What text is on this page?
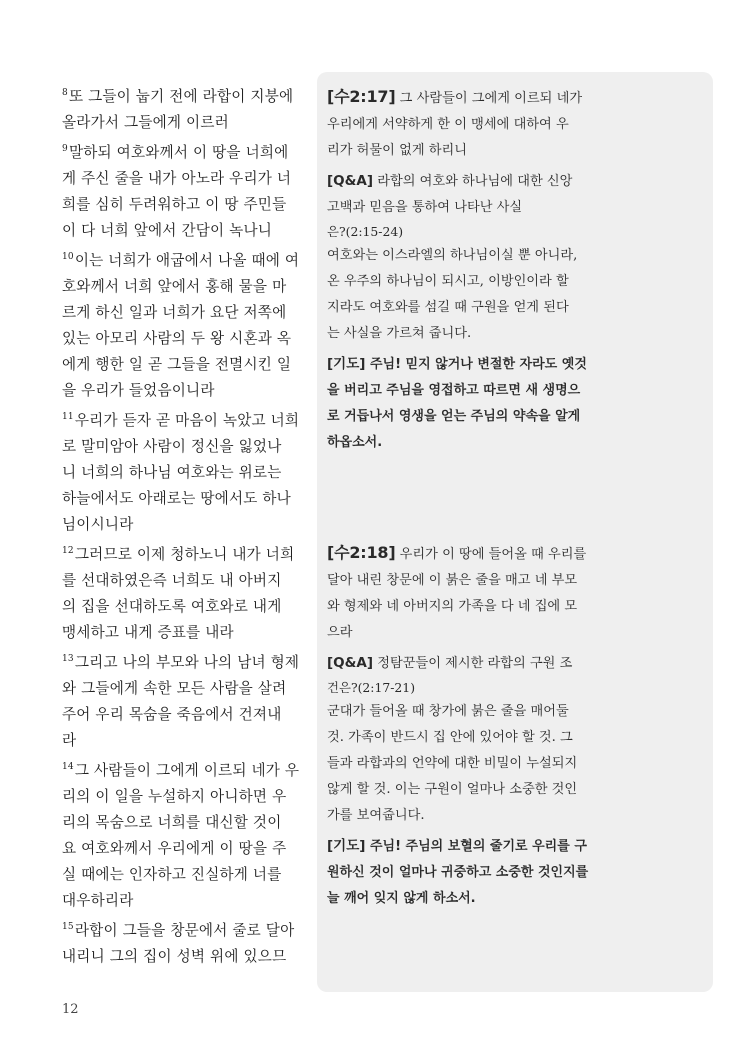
$^8$또 그들이 눕기 전에 라합이 지붕에
올라가서 그들에게 이르러
$^9$말하되 여호와께서 이 땅을 너희에
게 주신 줄을 내가 아노라 우리가 너
희를 심히 두려워하고 이 땅 주민들
이 다 너희 앞에서 간담이 녹나니
$^{10}$이는 너희가 애굽에서 나올 때에 여
호와께서 너희 앞에서 홍해 물을 마
르게 하신 일과 너희가 요단 저쪽에
있는 아모리 사람의 두 왕 시혼과 옥
에게 행한 일 곧 그들을 전멸시킨 일
을 우리가 들었음이니라
$^{11}$우리가 듣자 곧 마음이 녹았고 너희
로 말미암아 사람이 정신을 잃었나
니 너희의 하나님 여호와는 위로는
하늘에서도 아래로는 땅에서도 하나
님이시니라
$^{12}$그러므로 이제 청하노니 내가 너희
를 선대하였은즉 너희도 내 아버지
의 집을 선대하도록 여호와로 내게
맹세하고 내게 증표를 내라
$^{13}$그리고 나의 부모와 나의 남녀 형제
와 그들에게 속한 모든 사람을 살려
주어 우리 목숨을 죽음에서 건져내
라
$^{14}$그 사람들이 그에게 이르되 네가 우
리의 이 일을 누설하지 아니하면 우
리의 목숨으로 너희를 대신할 것이
요 여호와께서 우리에게 이 땅을 주
실 때에는 인자하고 진실하게 너를
대우하리라
$^{15}$라합이 그들을 창문에서 줄로 달아
내리니 그의 집이 성벽 위에 있으므
[수2:17] 그 사람들이 그에게 이르되 네가
우리에게 서약하게 한 이 맹세에 대하여 우
리가 허물이 없게 하리니
[Q&A] 라합의 여호와 하나님에 대한 신앙
고백과 믿음을 통하여 나타난 사실
은?(2:15-24)
여호와는 이스라엘의 하나님이실 뿐 아니라,
온 우주의 하나님이 되시고, 이방인이라 할
지라도 여호와를 섬길 때 구원을 얻게 된다
는 사실을 가르쳐 줍니다.
[기도] 주님! 믿지 않거나 변절한 자라도 옛것
을 버리고 주님을 영접하고 따르면 새 생명으
로 거듭나서 영생을 얻는 주님의 약속을 알게
하옵소서.
[수2:18] 우리가 이 땅에 들어올 때 우리를
달아 내린 창문에 이 붉은 줄을 매고 네 부모
와 형제와 네 아버지의 가족을 다 네 집에 모
으라
[Q&A] 정탐꾼들이 제시한 라합의 구원 조
건은?(2:17-21)
군대가 들어올 때 창가에 붉은 줄을 매어둘
것. 가족이 반드시 집 안에 있어야 할 것. 그
들과 라합과의 언약에 대한 비밀이 누설되지
않게 할 것. 이는 구원이 얼마나 소중한 것인
가를 보여줍니다.
[기도] 주님! 주님의 보혈의 줄기로 우리를 구
원하신 것이 얼마나 귀중하고 소중한 것인지를
늘 깨어 잊지 않게 하소서.
12
